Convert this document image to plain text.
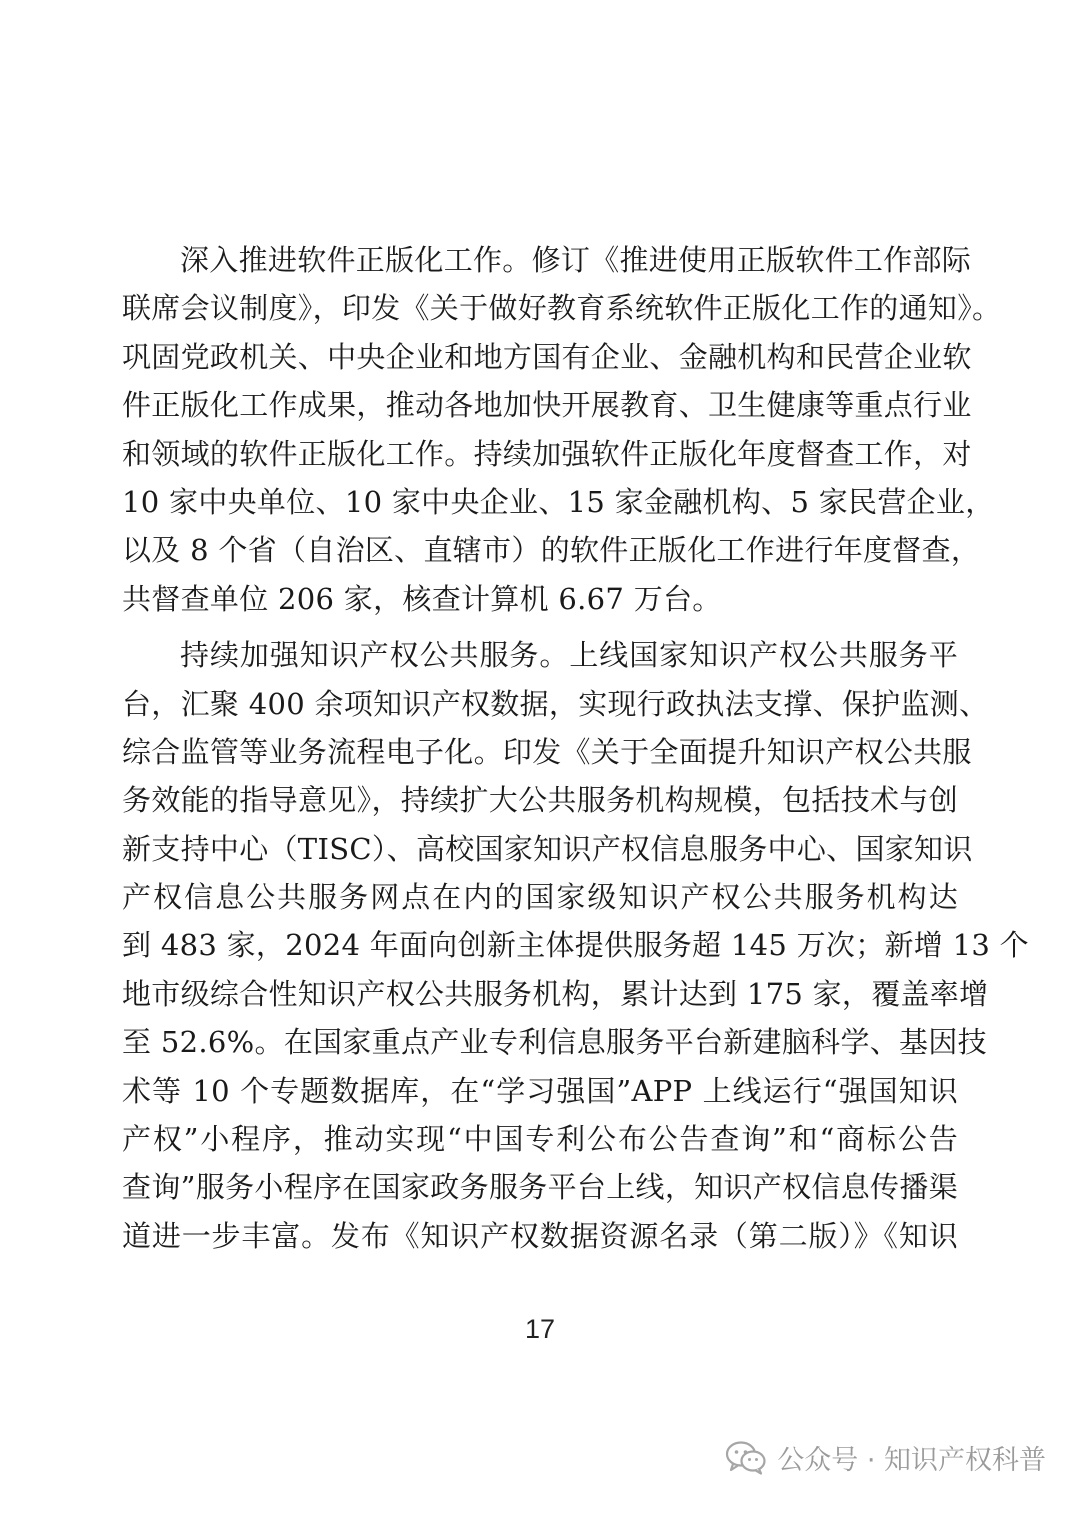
深入推进软件正版化工作。修订《推进使用正版软件工作部际
联席会议制度》，印发《关于做好教育系统软件正版化工作的通知》。
巩固党政机关、中央企业和地方国有企业、金融机构和民营企业软
件正版化工作成果，推动各地加快开展教育、卫生健康等重点行业
和领域的软件正版化工作。持续加强软件正版化年度督查工作，对
10 家中央单位、10 家中央企业、15 家金融机构、5 家民营企业，
以及 8 个省（自治区、直辖市）的软件正版化工作进行年度督查，
共督查单位 206 家，核查计算机 6.67 万台。
持续加强知识产权公共服务。上线国家知识产权公共服务平
台，汇聚 400 余项知识产权数据，实现行政执法支撑、保护监测、
综合监管等业务流程电子化。印发《关于全面提升知识产权公共服
务效能的指导意见》，持续扩大公共服务机构规模，包括技术与创
新支持中心（TISC）、高校国家知识产权信息服务中心、国家知识
产权信息公共服务网点在内的国家级知识产权公共服务机构达
到 483 家，2024 年面向创新主体提供服务超 145 万次；新增 13 个
地市级综合性知识产权公共服务机构，累计达到 175 家，覆盖率增
至 52.6%。在国家重点产业专利信息服务平台新建脑科学、基因技
术等 10 个专题数据库，在“学习强国”APP 上线运行“强国知识
产权”小程序，推动实现“中国专利公布公告查询”和“商标公告
查询”服务小程序在国家政务服务平台上线，知识产权信息传播渠
道进一步丰富。发布《知识产权数据资源名录（第二版）》《知识
17
公众号 · 知识产权科普
